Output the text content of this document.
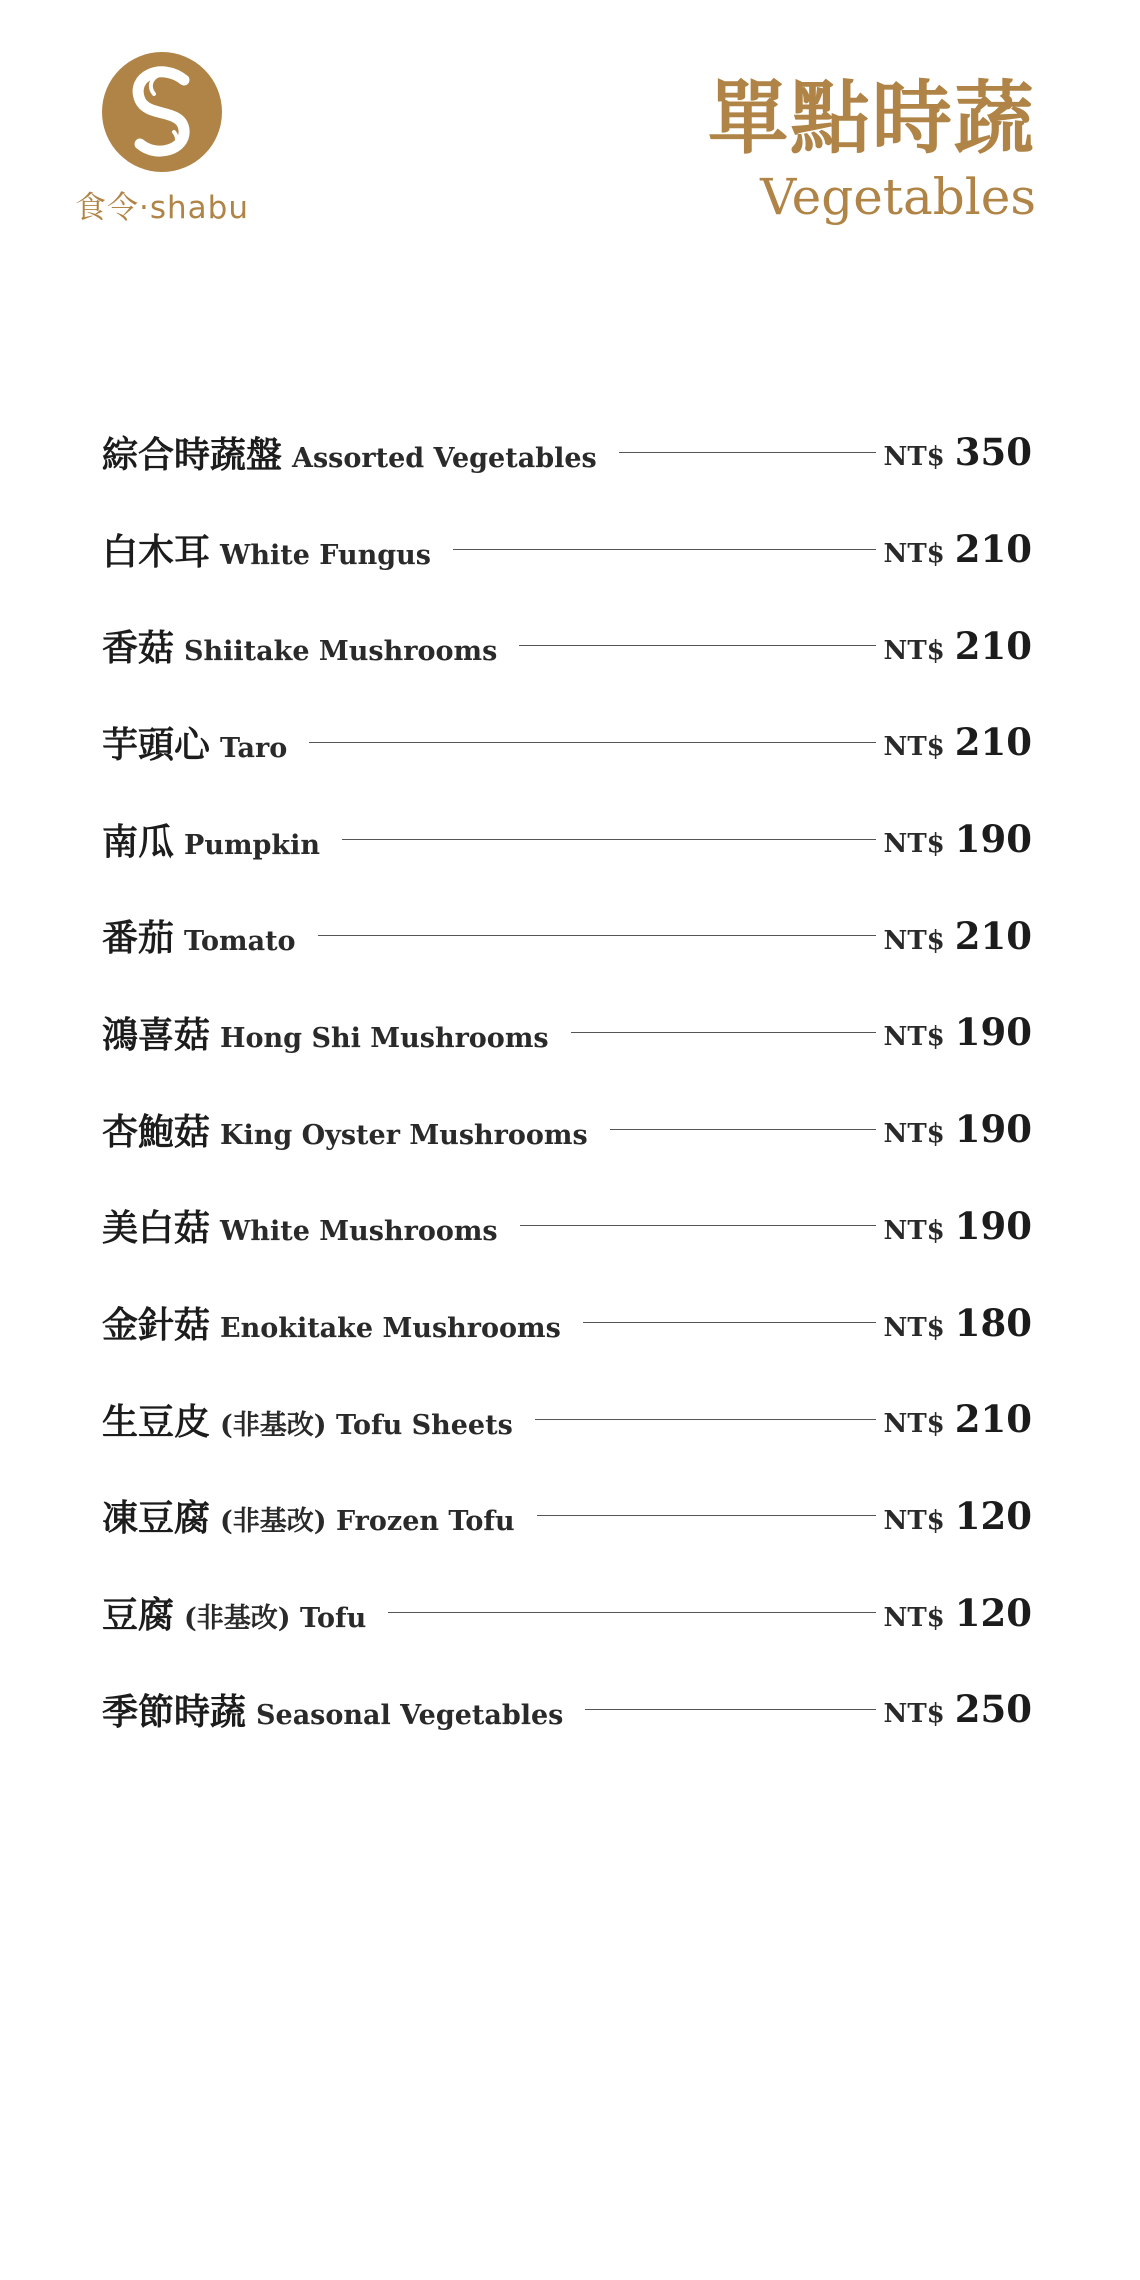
食令·shabu
單點時蔬
Vegetables
綜合時蔬盤 Assorted Vegetables	NT$ 350
白木耳 White Fungus	NT$ 210
香菇 Shiitake Mushrooms	NT$ 210
芋頭心 Taro	NT$ 210
南瓜 Pumpkin	NT$ 190
番茄 Tomato	NT$ 210
鴻喜菇 Hong Shi Mushrooms	NT$ 190
杏鮑菇 King Oyster Mushrooms	NT$ 190
美白菇 White Mushrooms	NT$ 190
金針菇 Enokitake Mushrooms	NT$ 180
生豆皮 (非基改) Tofu Sheets	NT$ 210
凍豆腐 (非基改) Frozen Tofu	NT$ 120
豆腐 (非基改) Tofu	NT$ 120
季節時蔬 Seasonal Vegetables	NT$ 250
